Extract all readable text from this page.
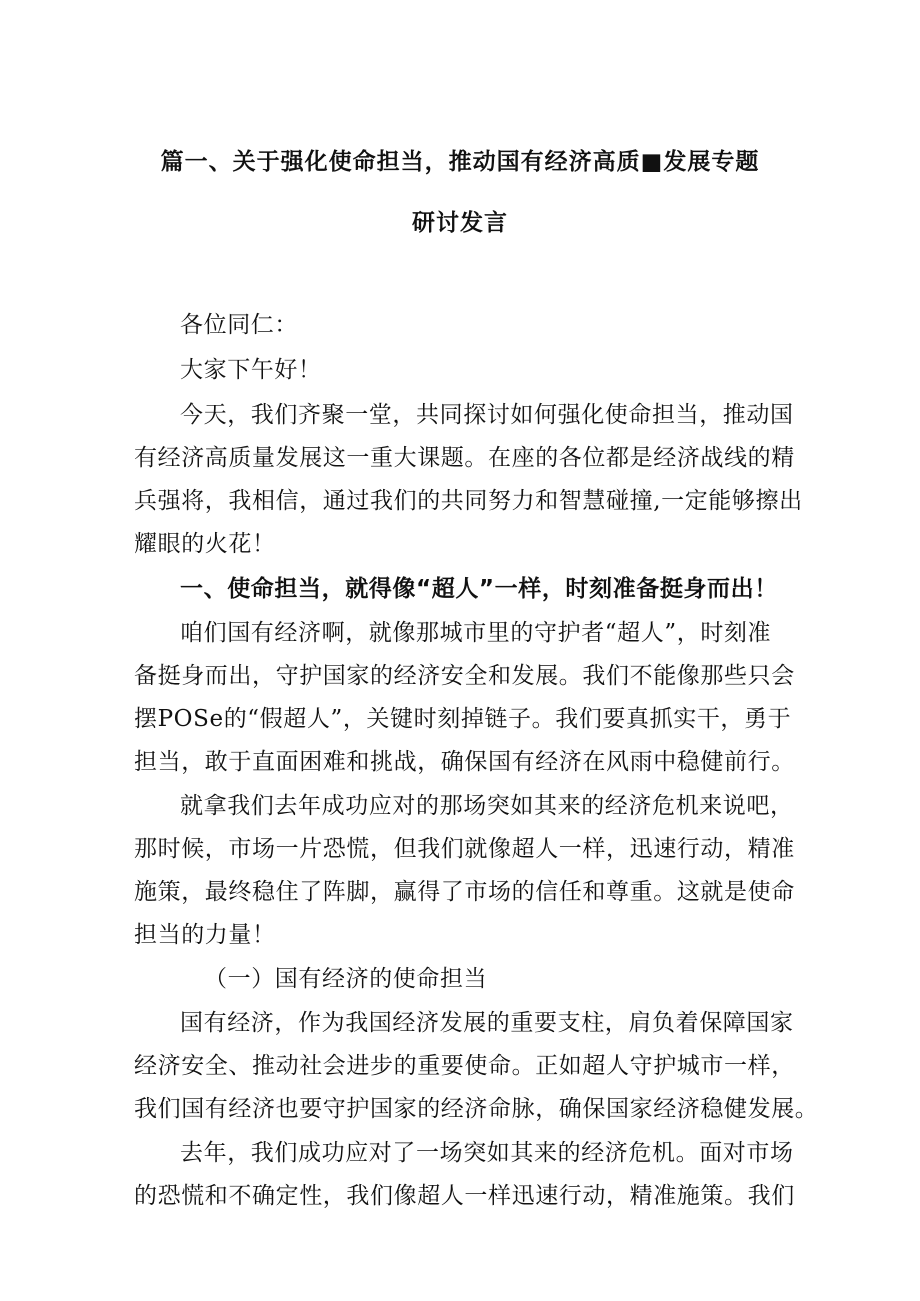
篇一、关于强化使命担当，推动国有经济高质■发展专题
研讨发言
各位同仁：
大家下午好！
今天，我们齐聚一堂，共同探讨如何强化使命担当，推动国
有经济高质量发展这一重大课题。在座的各位都是经济战线的精
兵强将，我相信，通过我们的共同努力和智慧碰撞,一定能够擦出
耀眼的火花！
一、使命担当，就得像“超人”一样，时刻准备挺身而出！
咱们国有经济啊，就像那城市里的守护者“超人”，时刻准
备挺身而出，守护国家的经济安全和发展。我们不能像那些只会
摆POSe的“假超人”，关键时刻掉链子。我们要真抓实干，勇于
担当，敢于直面困难和挑战，确保国有经济在风雨中稳健前行。
就拿我们去年成功应对的那场突如其来的经济危机来说吧，
那时候，市场一片恐慌，但我们就像超人一样，迅速行动，精准
施策，最终稳住了阵脚，赢得了市场的信任和尊重。这就是使命
担当的力量！
（一）国有经济的使命担当
国有经济，作为我国经济发展的重要支柱，肩负着保障国家
经济安全、推动社会进步的重要使命。正如超人守护城市一样，
我们国有经济也要守护国家的经济命脉，确保国家经济稳健发展。
去年，我们成功应对了一场突如其来的经济危机。面对市场
的恐慌和不确定性，我们像超人一样迅速行动，精准施策。我们
